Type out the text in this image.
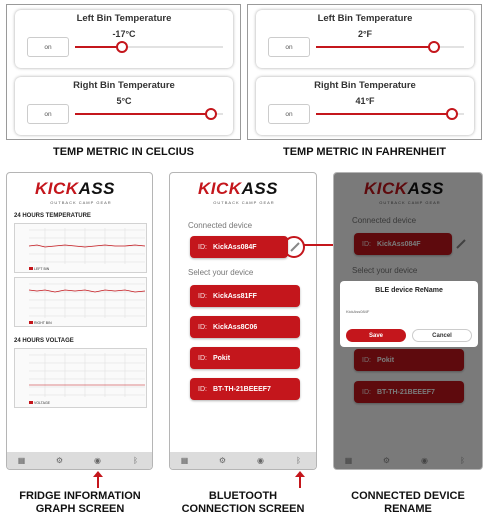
Left Bin Temperature
-17°C
on
Right Bin Temperature
5°C
on
TEMP METRIC IN CELCIUS
Left Bin Temperature
2°F
on
Right Bin Temperature
41°F
on
TEMP METRIC IN FAHRENHEIT
KICKASS
OUTBACK CAMP GEAR
24 HOURS TEMPERATURE
LEFT BIN
RIGHT BIN
24 HOURS VOLTAGE
VOLTAGE
▦	⚙	◉	ᛒ
FRIDGE INFORMATION
GRAPH SCREEN
KICKASS
OUTBACK CAMP GEAR
Connected device
ID: KickAss084F
Select your device
ID: KickAss81FF
ID: KickAss8C06
ID: Pokit
ID: BT-TH-21BEEEF7
▦	⚙	◉	ᛒ
BLUETOOTH
CONNECTION SCREEN
BLE device ReName
KickAss084F
Save	Cancel
▦	⚙	◉	ᛒ
CONNECTED DEVICE
RENAME
